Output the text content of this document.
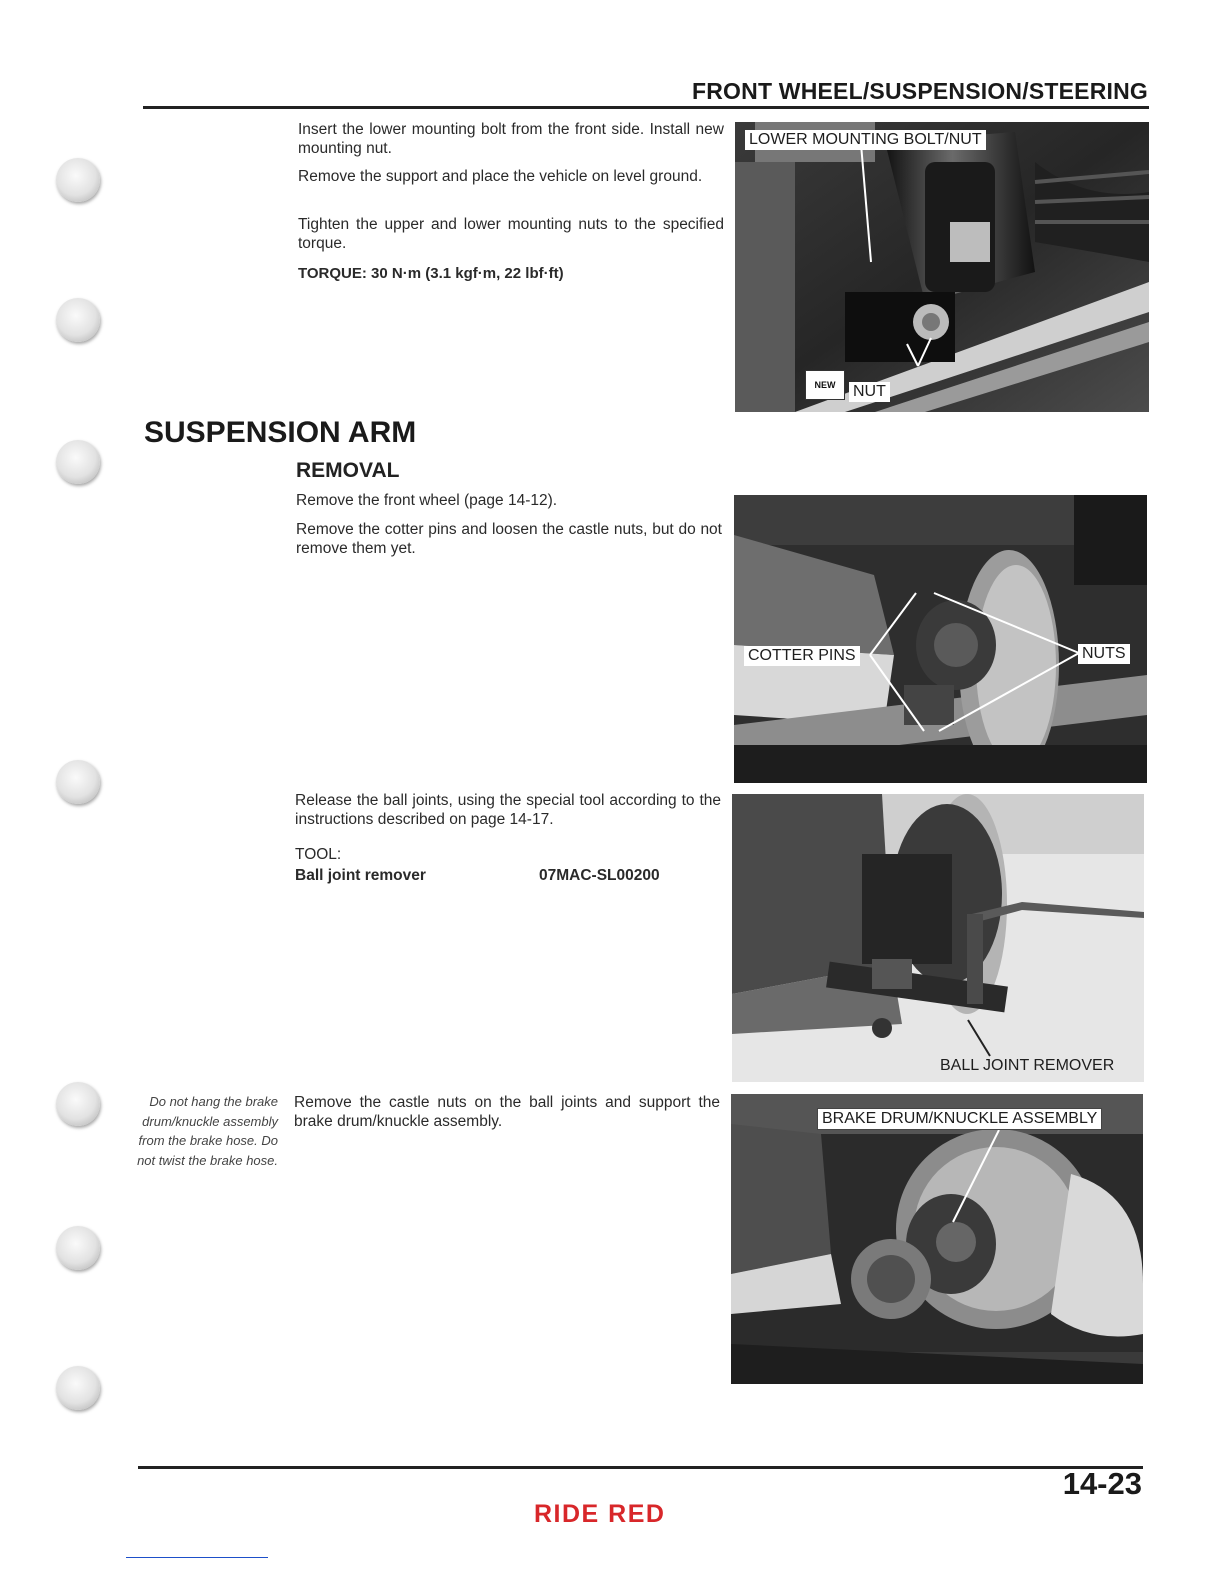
FRONT WHEEL/SUSPENSION/STEERING
Insert the lower mounting bolt from the front side. Install new mounting nut.
Remove the support and place the vehicle on level ground.
Tighten the upper and lower mounting nuts to the specified torque.
TORQUE: 30 N·m (3.1 kgf·m, 22 lbf·ft)
LOWER MOUNTING BOLT/NUT
NEW	NUT
SUSPENSION ARM
REMOVAL
Remove the front wheel (page 14-12).
Remove the cotter pins and loosen the castle nuts, but do not remove them yet.
COTTER PINS	NUTS
Release the ball joints, using the special tool according to the instructions described on page 14-17.
TOOL:
Ball joint remover	07MAC-SL00200
BALL JOINT REMOVER
Do not hang the brake drum/knuckle assembly from the brake hose. Do not twist the brake hose.
Remove the castle nuts on the ball joints and support the brake drum/knuckle assembly.	BRAKE DRUM/KNUCKLE ASSEMBLY
14-23
RIDE RED
